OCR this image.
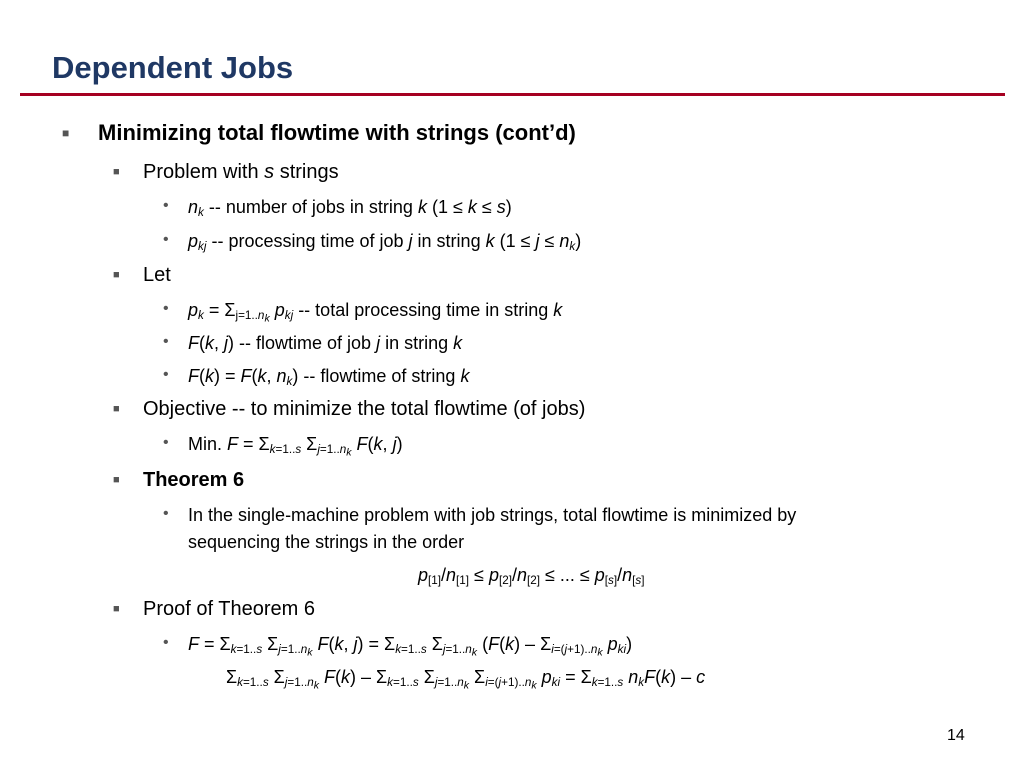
Dependent Jobs
■ Minimizing total flowtime with strings (cont’d)
■ Problem with s strings
• $n_k$ -- number of jobs in string k (1 ≤ k ≤ s)
• $p_{kj}$ -- processing time of job j in string k $(1 \le j \le n_k)$
■ Let
• $p_k = \Sigma_{j=1..n_k}$ $p_{kj}$ -- total processing time in string k
• F(k, j) -- flowtime of job j in string k
• F(k) = F(k, $n_k$) -- flowtime of string k
■ Objective -- to minimize the total flowtime (of jobs)
• Min. $F = \Sigma_{k=1..s}$ $\Sigma_{j=1..n_k}$ F(k, j)
■ Theorem 6
• In the single-machine problem with job strings, total flowtime is minimized by
sequencing the strings in the order
$p_{[1]}/n_{[1]} \le p_{[2]}/n_{[2]}$ ≤ ... ≤ $p_{[s]}/n_{[s]}$
■ Proof of Theorem 6
• $F = \Sigma_{k=1..s}$ $\Sigma_{j=1..n_k}$ F(k, $j) = \Sigma_{k=1..s}$ $\Sigma_{j=1..n_k}$ ($F(k) - \Sigma_{i=(j+1)..n_k}$ $p_{ki}$)
$\Sigma_{k=1..s}$ $\Sigma_{j=1..n_k}$ $F(k) - \Sigma_{k=1..s}$ $\Sigma_{j=1..n_k}$ $\Sigma_{i=(j+1)..n_k}$ $p_{ki} = \Sigma_{k=1..s}$ $n_kF(k)$ – c
14
